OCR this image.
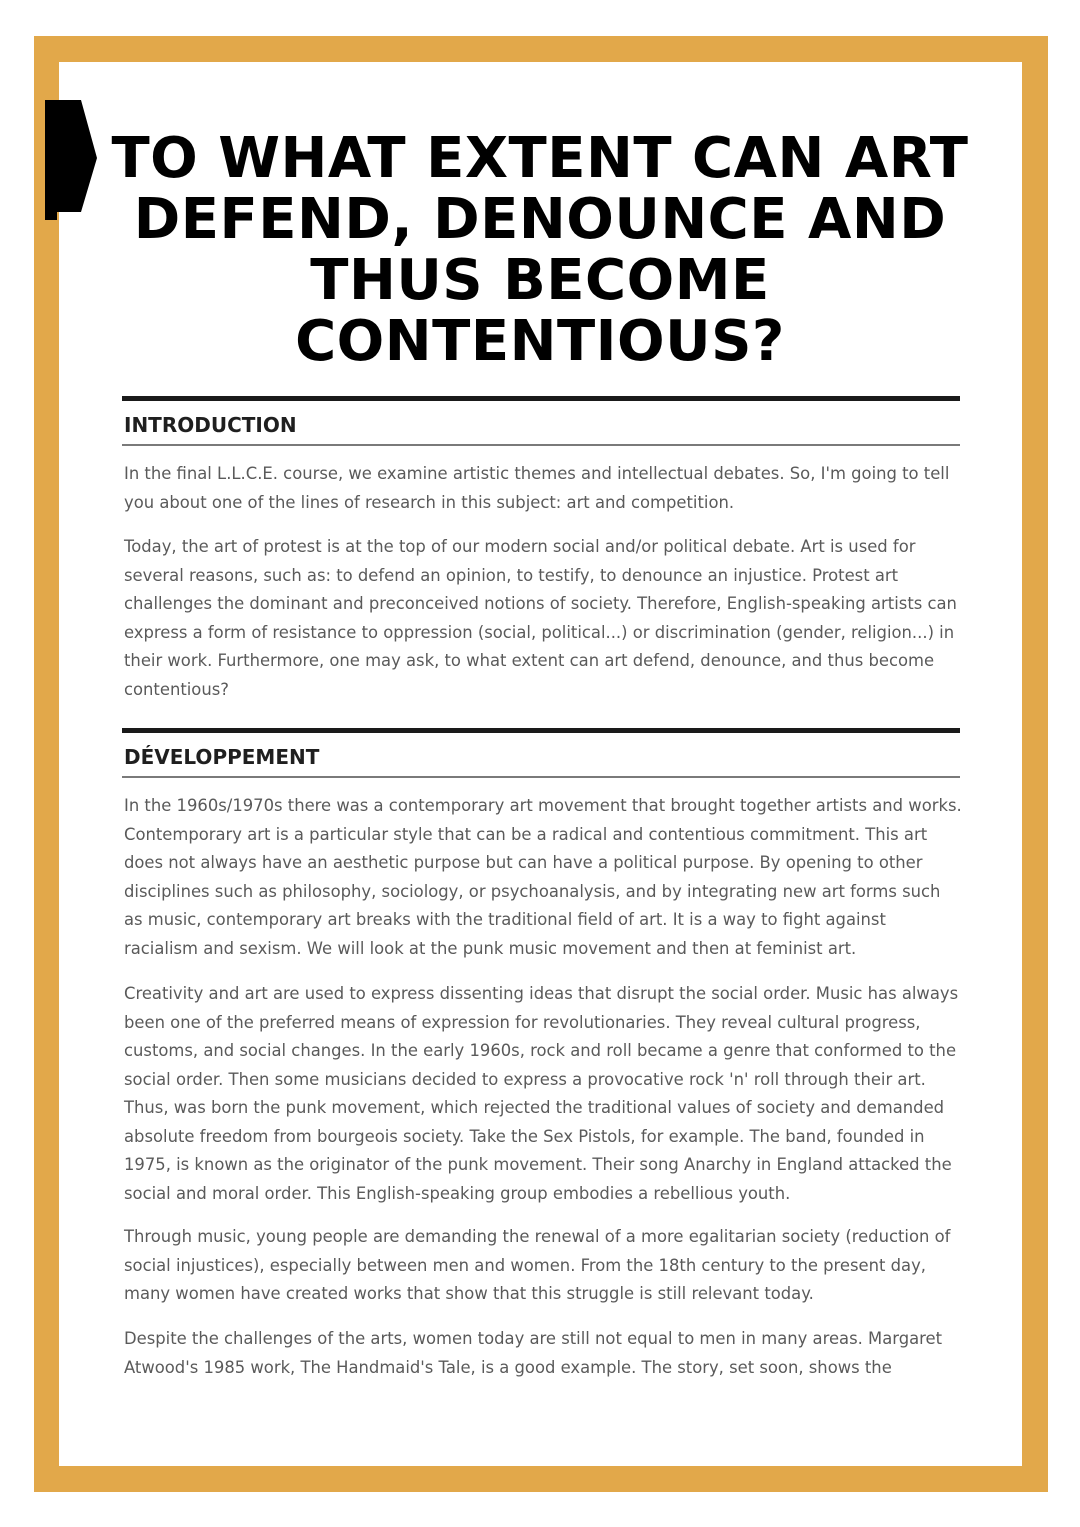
TO WHAT EXTENT CAN ART DEFEND, DENOUNCE AND THUS BECOME CONTENTIOUS?
INTRODUCTION

In the final L.L.C.E. course, we examine artistic themes and intellectual debates. So, I'm going to tell you about one of the lines of research in this subject: art and competition.

Today, the art of protest is at the top of our modern social and/or political debate. Art is used for several reasons, such as: to defend an opinion, to testify, to denounce an injustice. Protest art challenges the dominant and preconceived notions of society. Therefore, English-speaking artists can express a form of resistance to oppression (social, political...) or discrimination (gender, religion...) in their work. Furthermore, one may ask, to what extent can art defend, denounce, and thus become contentious?

DÉVELOPPEMENT

In the 1960s/1970s there was a contemporary art movement that brought together artists and works. Contemporary art is a particular style that can be a radical and contentious commitment. This art does not always have an aesthetic purpose but can have a political purpose. By opening to other disciplines such as philosophy, sociology, or psychoanalysis, and by integrating new art forms such as music, contemporary art breaks with the traditional field of art. It is a way to fight against racialism and sexism. We will look at the punk music movement and then at feminist art.

Creativity and art are used to express dissenting ideas that disrupt the social order. Music has always been one of the preferred means of expression for revolutionaries. They reveal cultural progress, customs, and social changes. In the early 1960s, rock and roll became a genre that conformed to the social order. Then some musicians decided to express a provocative rock 'n' roll through their art. Thus, was born the punk movement, which rejected the traditional values of society and demanded absolute freedom from bourgeois society. Take the Sex Pistols, for example. The band, founded in 1975, is known as the originator of the punk movement. Their song Anarchy in England attacked the social and moral order. This English-speaking group embodies a rebellious youth.

Through music, young people are demanding the renewal of a more egalitarian society (reduction of social injustices), especially between men and women. From the 18th century to the present day, many women have created works that show that this struggle is still relevant today.

Despite the challenges of the arts, women today are still not equal to men in many areas. Margaret Atwood's 1985 work, The Handmaid's Tale, is a good example. The story, set soon, shows the
